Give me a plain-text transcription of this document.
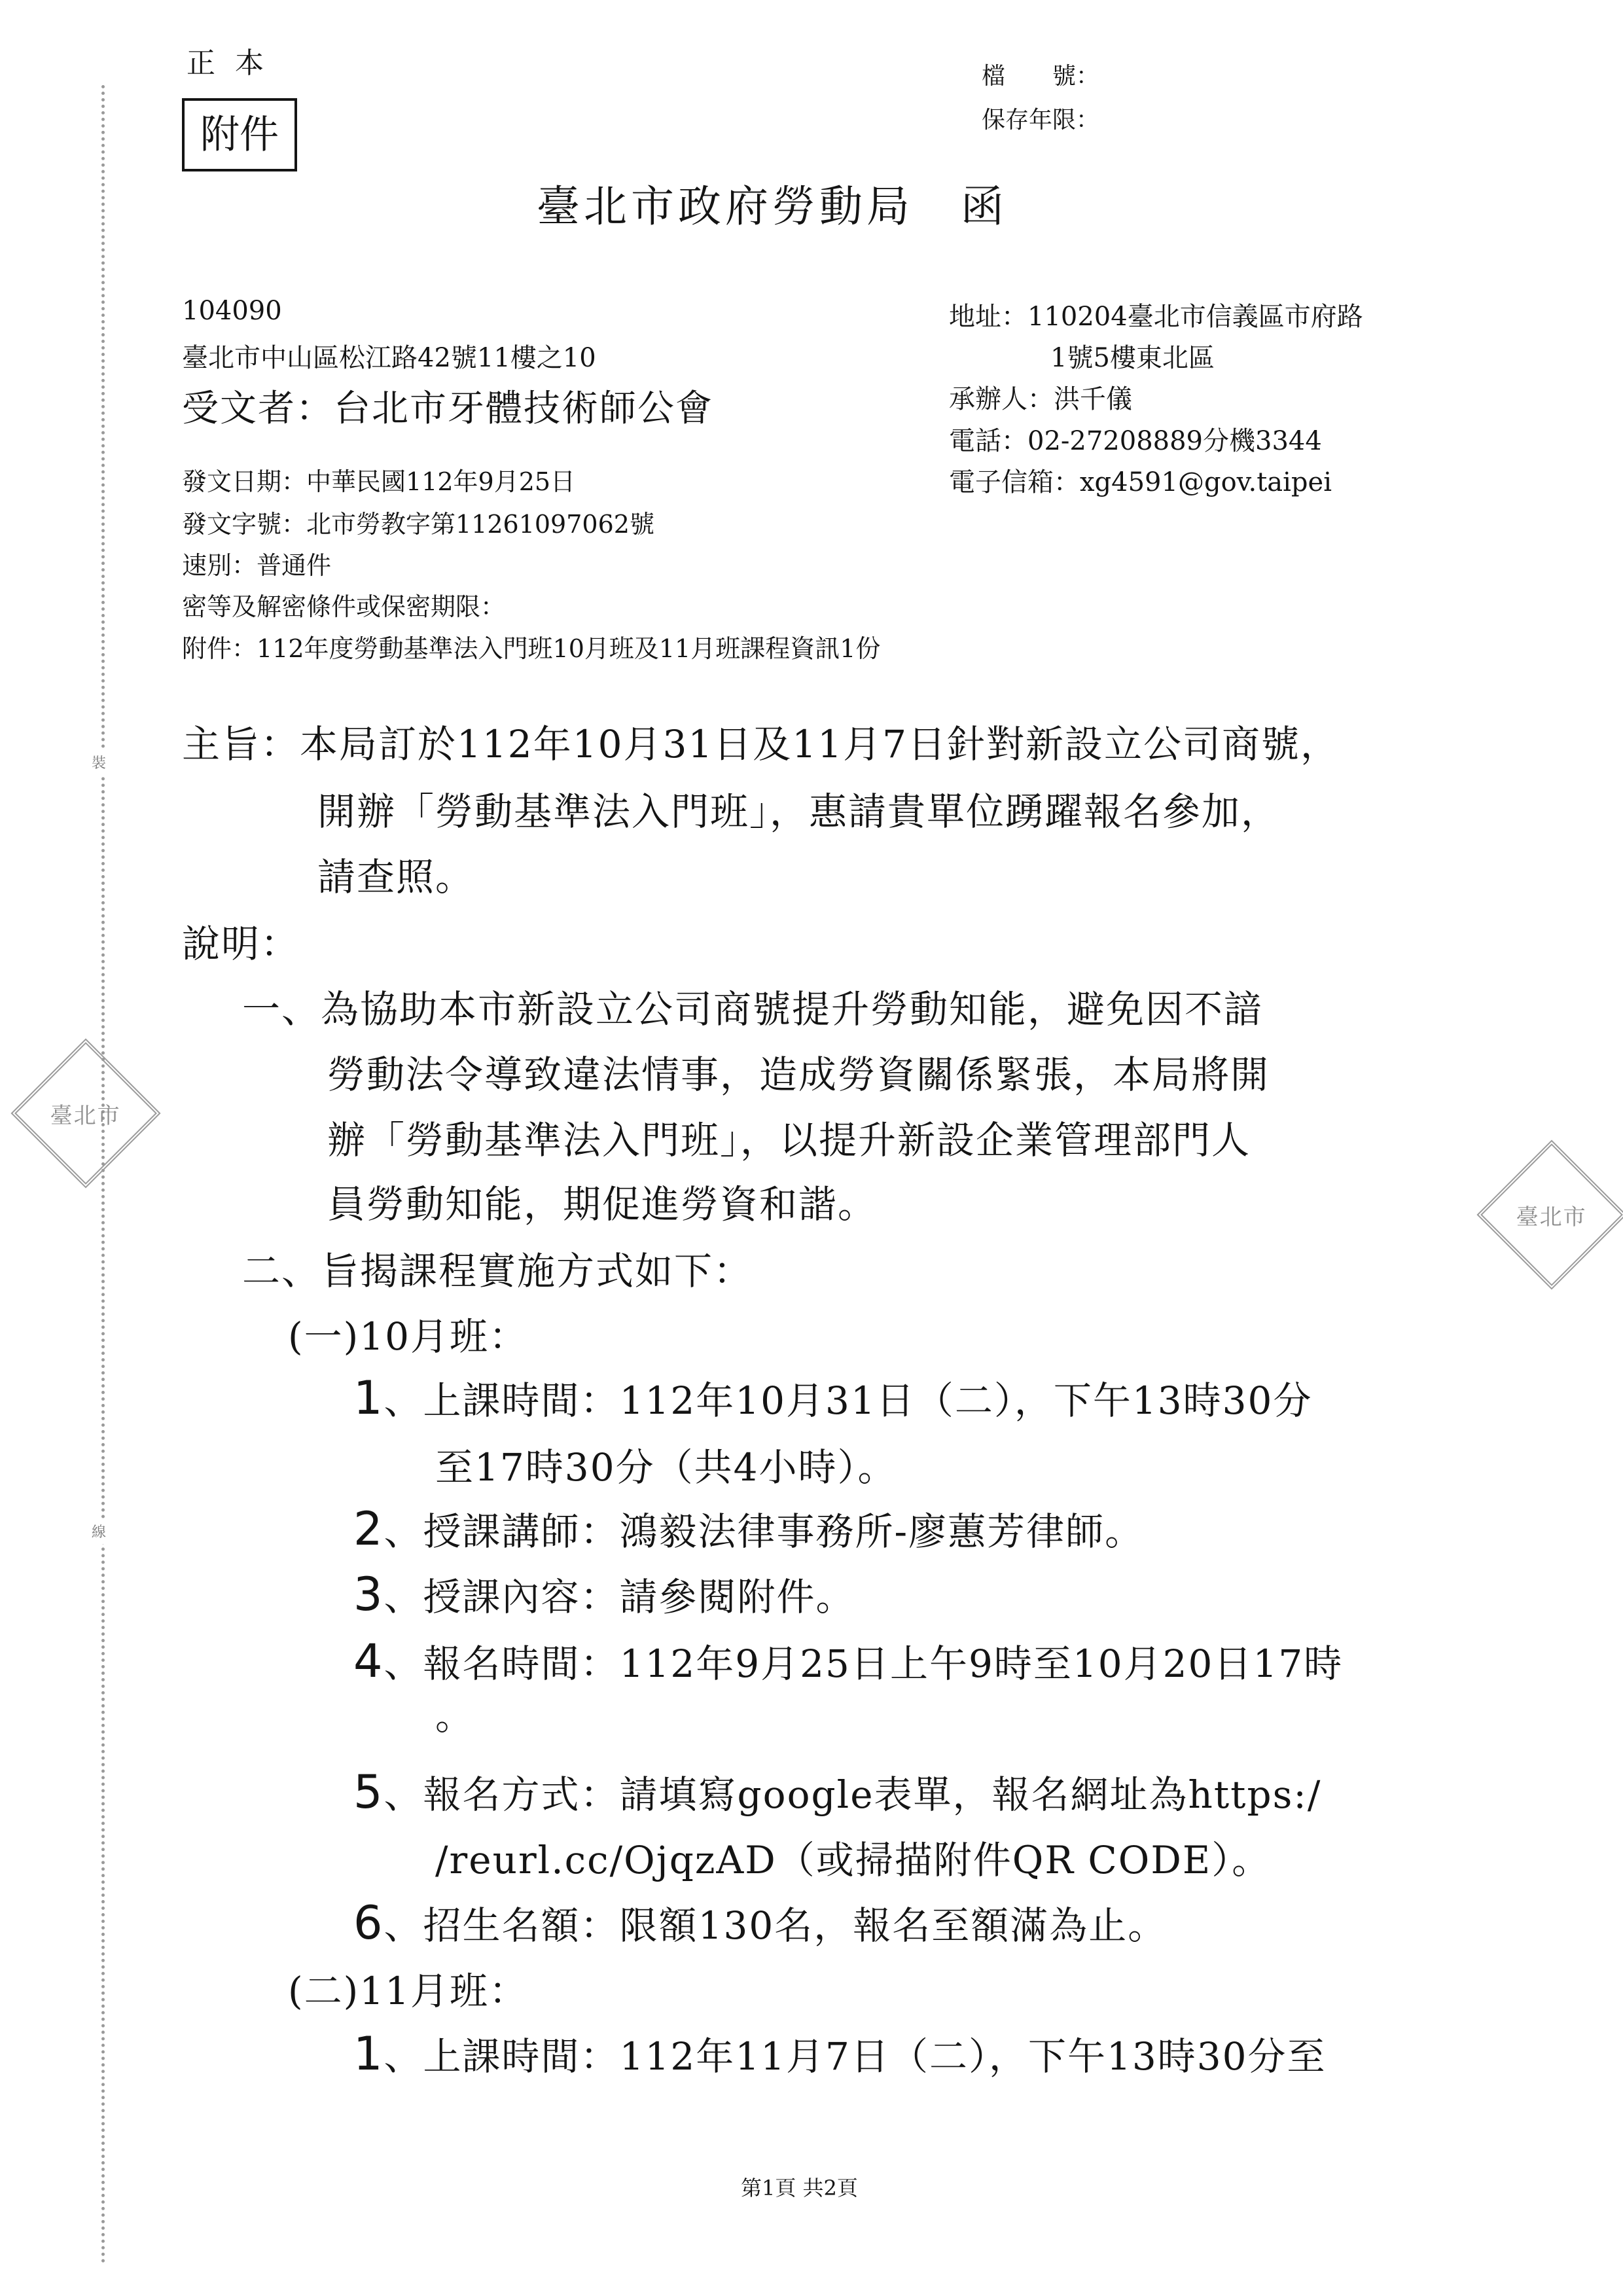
裝
線
臺北市
臺北市
正本
附件
檔　　號：
保存年限：
臺北市政府勞動局　函
104090
臺北市中山區松江路42號11樓之10
受文者：台北市牙體技術師公會
地址：110204臺北市信義區市府路
1號5樓東北區
承辦人：洪千儀
電話：02-27208889分機3344
電子信箱：xg4591@gov.taipei
發文日期：中華民國112年9月25日
發文字號：北市勞教字第11261097062號
速別：普通件
密等及解密條件或保密期限：
附件：112年度勞動基準法入門班10月班及11月班課程資訊1份
主旨：本局訂於112年10月31日及11月7日針對新設立公司商號，
開辦「勞動基準法入門班」，惠請貴單位踴躍報名參加，
請查照。
說明：
一、為協助本市新設立公司商號提升勞動知能，避免因不諳
勞動法令導致違法情事，造成勞資關係緊張，本局將開
辦「勞動基準法入門班」，以提升新設企業管理部門人
員勞動知能，期促進勞資和諧。
二、旨揭課程實施方式如下：
(一)10月班：
1、上課時間：112年10月31日（二），下午13時30分
至17時30分（共4小時）。
2、授課講師：鴻毅法律事務所-廖蕙芳律師。
3、授課內容：請參閱附件。
4、報名時間：112年9月25日上午9時至10月20日17時
。
5、報名方式：請填寫google表單，報名網址為https:/
/reurl.cc/OjqzAD（或掃描附件QR CODE）。
6、招生名額：限額130名，報名至額滿為止。
(二)11月班：
1、上課時間：112年11月7日（二），下午13時30分至
第1頁 共2頁
